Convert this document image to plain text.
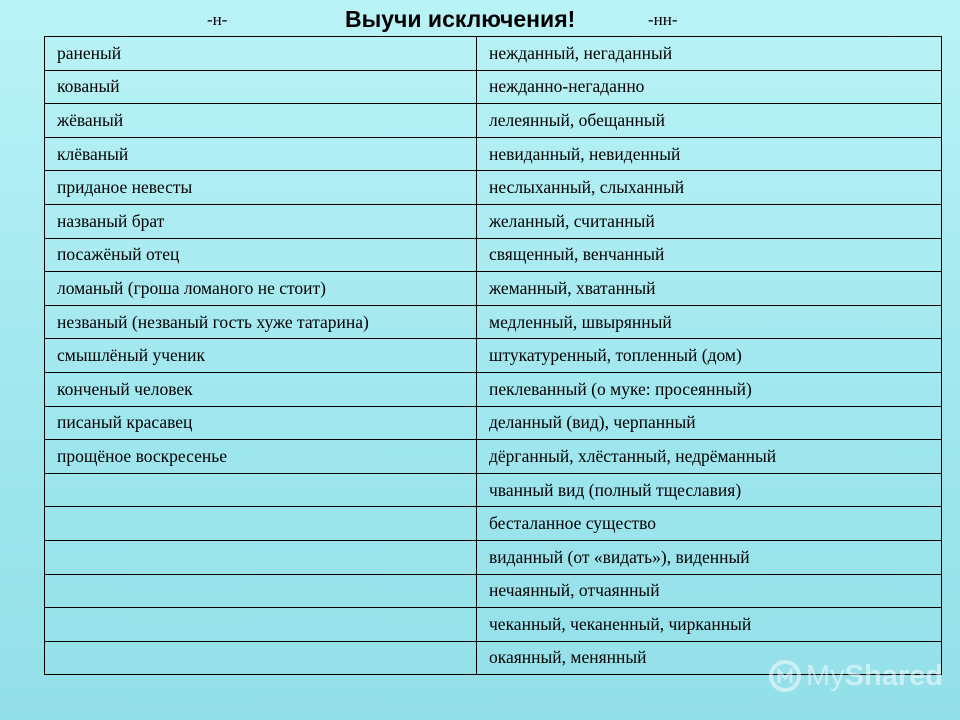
-н-	Выучи исключения!	-нн-
раненый	нежданный, негаданный
кованый	нежданно-негаданно
жёваный	лелеянный, обещанный
клёваный	невиданный, невиденный
приданое невесты	неслыханный, слыханный
названый брат	желанный, считанный
посажёный отец	священный, венчанный
ломаный (гроша ломаного не стоит)	жеманный, хватанный
незваный (незваный гость хуже татарина)	медленный, швырянный
смышлёный ученик	штукатуренный, топленный (дом)
конченый человек	пеклеванный (о муке: просеянный)
писаный красавец	деланный (вид), черпанный
прощёное воскресенье	дёрганный, хлёстанный, недрёманный
	чванный вид (полный тщеславия)
	бесталанное существо
	виданный (от «видать»), виденный
	нечаянный, отчаянный
	чеканный, чеканенный, чирканный
	окаянный, менянный
My Shared
